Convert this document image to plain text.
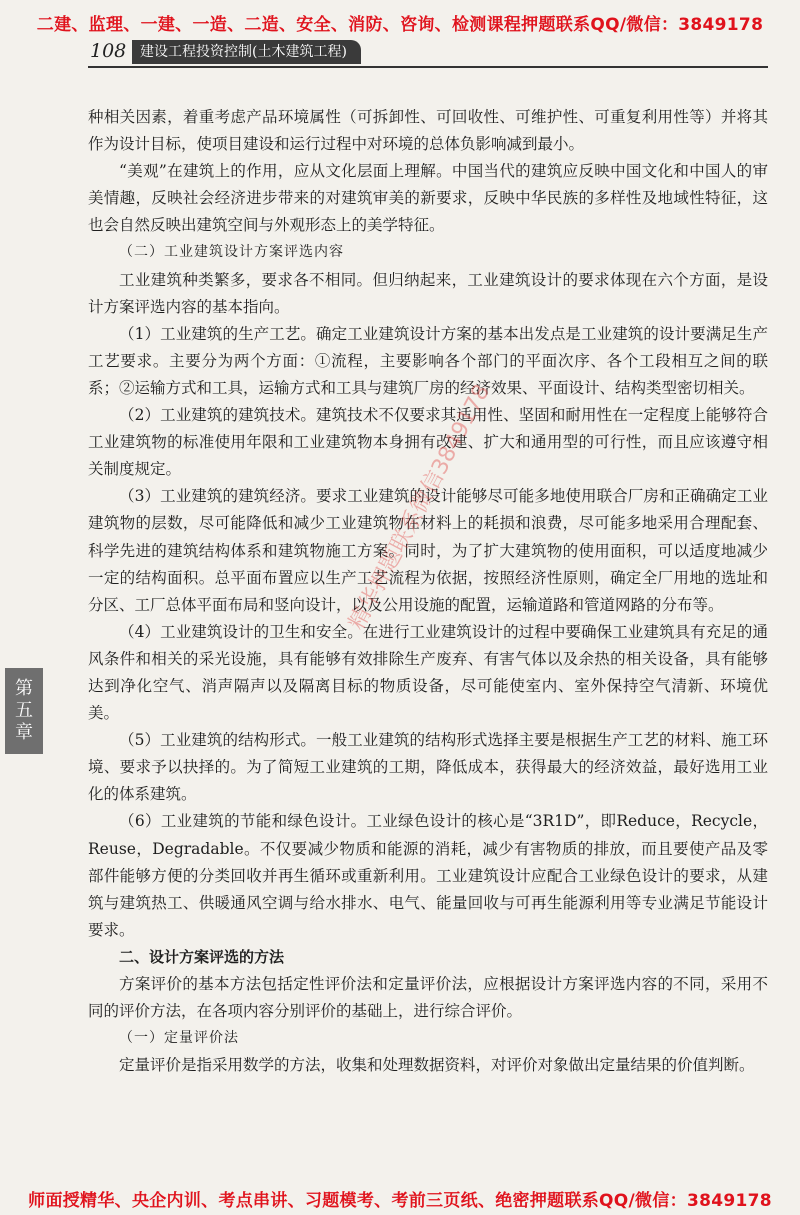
二建、监理、一建、一造、二造、安全、消防、咨询、检测课程押题联系QQ/微信：3849178
108 建设工程投资控制(土木建筑工程)
第
五
章

种相关因素，着重考虑产品环境属性（可拆卸性、可回收性、可维护性、可重复利用性等）并将其作为设计目标，使项目建设和运行过程中对环境的总体负影响减到最小。

“美观”在建筑上的作用，应从文化层面上理解。中国当代的建筑应反映中国文化和中国人的审美情趣，反映社会经济进步带来的对建筑审美的新要求，反映中华民族的多样性及地域性特征，这也会自然反映出建筑空间与外观形态上的美学特征。

（二）工业建筑设计方案评选内容

工业建筑种类繁多，要求各不相同。但归纳起来，工业建筑设计的要求体现在六个方面，是设计方案评选内容的基本指向。

（1）工业建筑的生产工艺。确定工业建筑设计方案的基本出发点是工业建筑的设计要满足生产工艺要求。主要分为两个方面：①流程，主要影响各个部门的平面次序、各个工段相互之间的联系；②运输方式和工具，运输方式和工具与建筑厂房的经济效果、平面设计、结构类型密切相关。

（2）工业建筑的建筑技术。建筑技术不仅要求其适用性、坚固和耐用性在一定程度上能够符合工业建筑物的标准使用年限和工业建筑物本身拥有改建、扩大和通用型的可行性，而且应该遵守相关制度规定。

（3）工业建筑的建筑经济。要求工业建筑的设计能够尽可能多地使用联合厂房和正确确定工业建筑物的层数，尽可能降低和减少工业建筑物在材料上的耗损和浪费，尽可能多地采用合理配套、科学先进的建筑结构体系和建筑物施工方案。同时，为了扩大建筑物的使用面积，可以适度地减少一定的结构面积。总平面布置应以生产工艺流程为依据，按照经济性原则，确定全厂用地的选址和分区、工厂总体平面布局和竖向设计，以及公用设施的配置，运输道路和管道网路的分布等。

（4）工业建筑设计的卫生和安全。在进行工业建筑设计的过程中要确保工业建筑具有充足的通风条件和相关的采光设施，具有能够有效排除生产废弃、有害气体以及余热的相关设备，具有能够达到净化空气、消声隔声以及隔离目标的物质设备，尽可能使室内、室外保持空气清新、环境优美。

（5）工业建筑的结构形式。一般工业建筑的结构形式选择主要是根据生产工艺的材料、施工环境、要求予以抉择的。为了简短工业建筑的工期，降低成本，获得最大的经济效益，最好选用工业化的体系建筑。

（6）工业建筑的节能和绿色设计。工业绿色设计的核心是“3R1D”，即Reduce，Recycle，Reuse，Degradable。不仅要减少物质和能源的消耗，减少有害物质的排放，而且要使产品及零部件能够方便的分类回收并再生循环或重新利用。工业建筑设计应配合工业绿色设计的要求，从建筑与建筑热工、供暖通风空调与给水排水、电气、能量回收与可再生能源利用等专业满足节能设计要求。

二、设计方案评选的方法

方案评价的基本方法包括定性评价法和定量评价法，应根据设计方案评选内容的不同，采用不同的评价方法，在各项内容分别评价的基础上，进行综合评价。

（一）定量评价法

定量评价是指采用数学的方法，收集和处理数据资料，对评价对象做出定量结果的价值判断。

精华押题联系微信3849178
师面授精华、央企内训、考点串讲、习题模考、考前三页纸、绝密押题联系QQ/微信：3849178
